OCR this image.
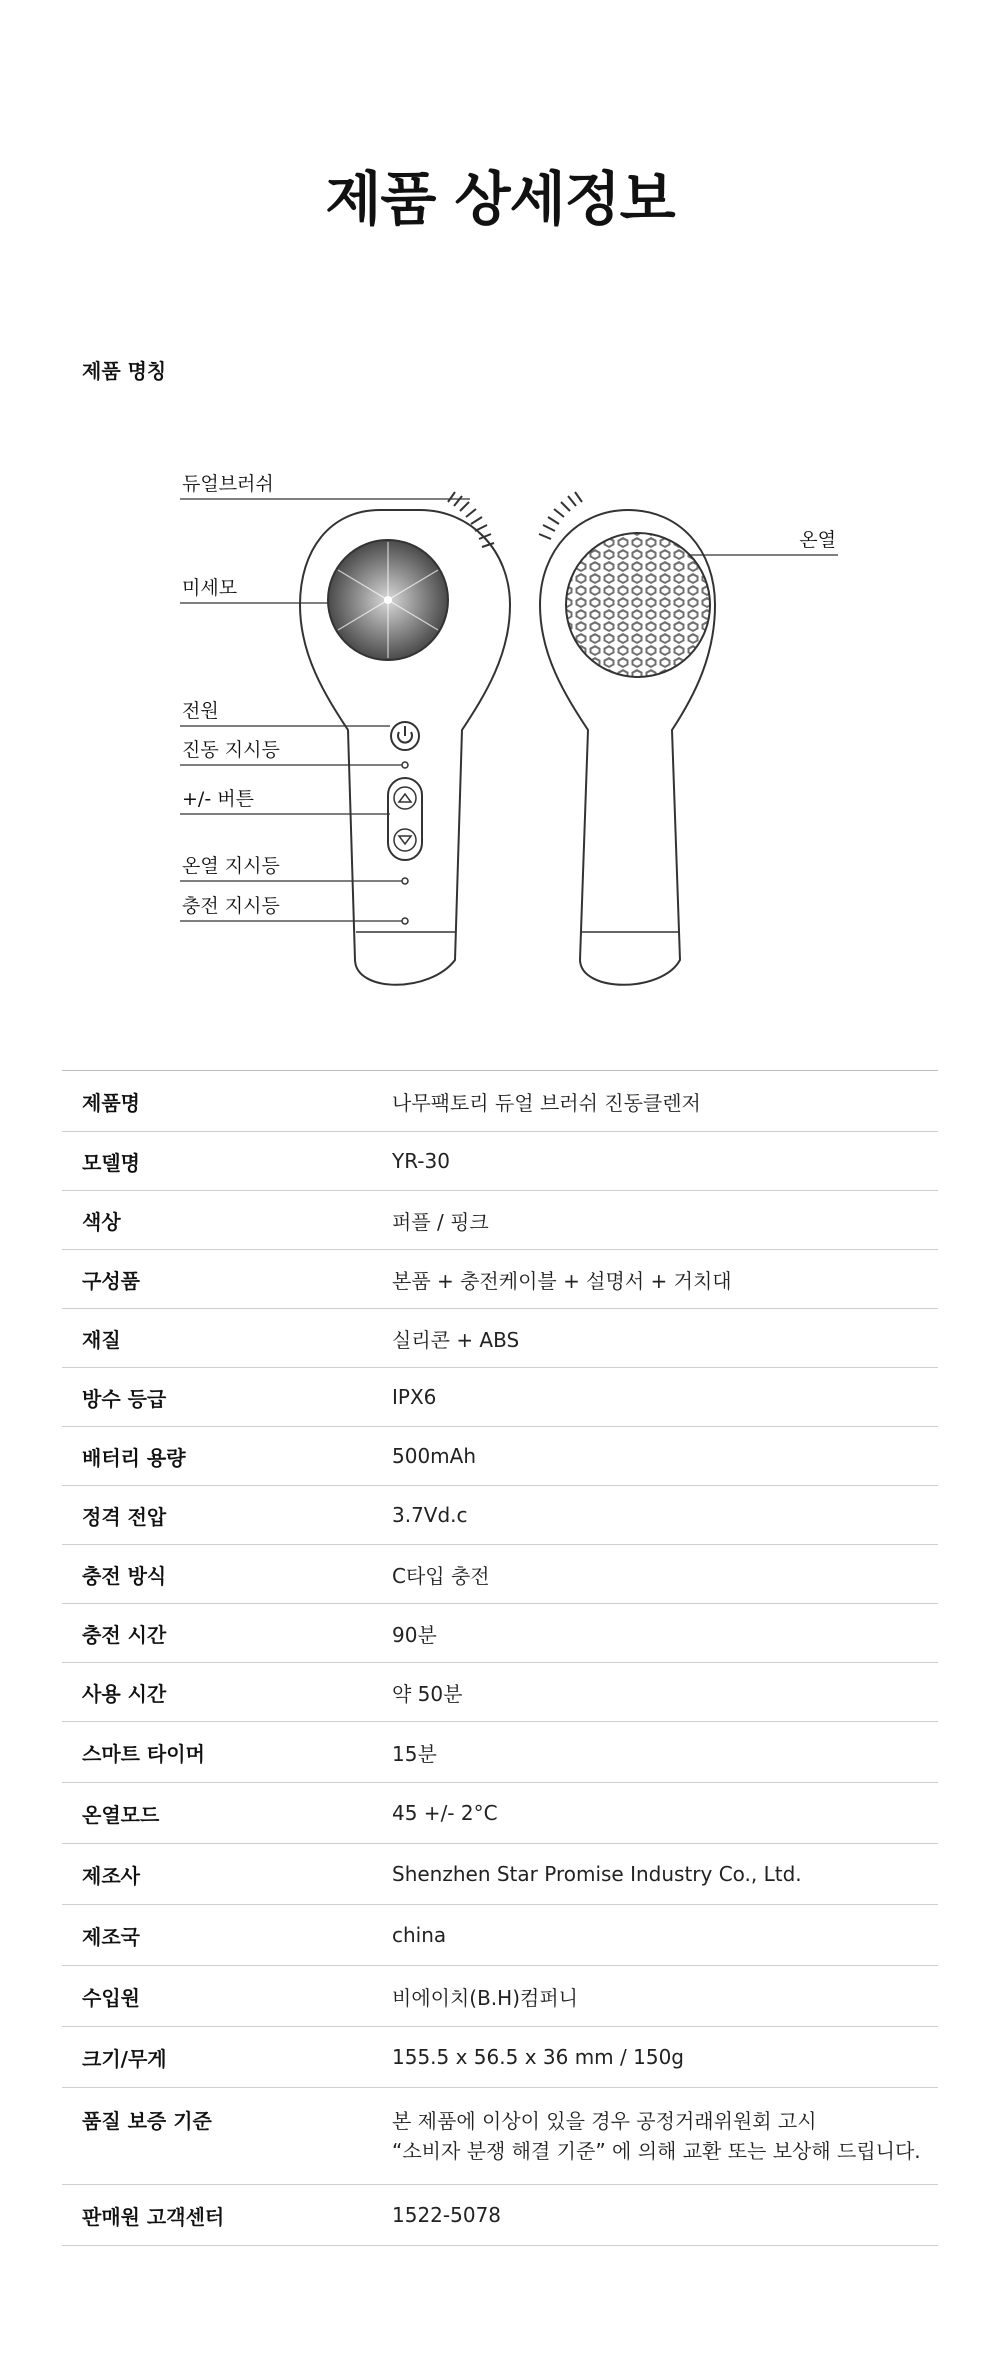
제품 상세정보
제품 명칭
듀얼브러쉬
미세모
전원
진동 지시등
+/- 버튼
온열 지시등
충전 지시등
온열
제품명	나무팩토리 듀얼 브러쉬 진동클렌저
모델명	YR-30
색상	퍼플 / 핑크
구성품	본품 + 충전케이블 + 설명서 + 거치대
재질	실리콘 + ABS
방수 등급	IPX6
배터리 용량	500mAh
정격 전압	3.7Vd.c
충전 방식	C타입 충전
충전 시간	90분
사용 시간	약 50분
스마트 타이머	15분
온열모드	45 +/- 2°C
제조사	Shenzhen Star Promise Industry Co., Ltd.
제조국	china
수입원	비에이치(B.H)컴퍼니
크기/무게	155.5 x 56.5 x 36 mm / 150g
품질 보증 기준	본 제품에 이상이 있을 경우 공정거래위원회 고시
“소비자 분쟁 해결 기준” 에 의해 교환 또는 보상해 드립니다.

판매원 고객센터	1522-5078
